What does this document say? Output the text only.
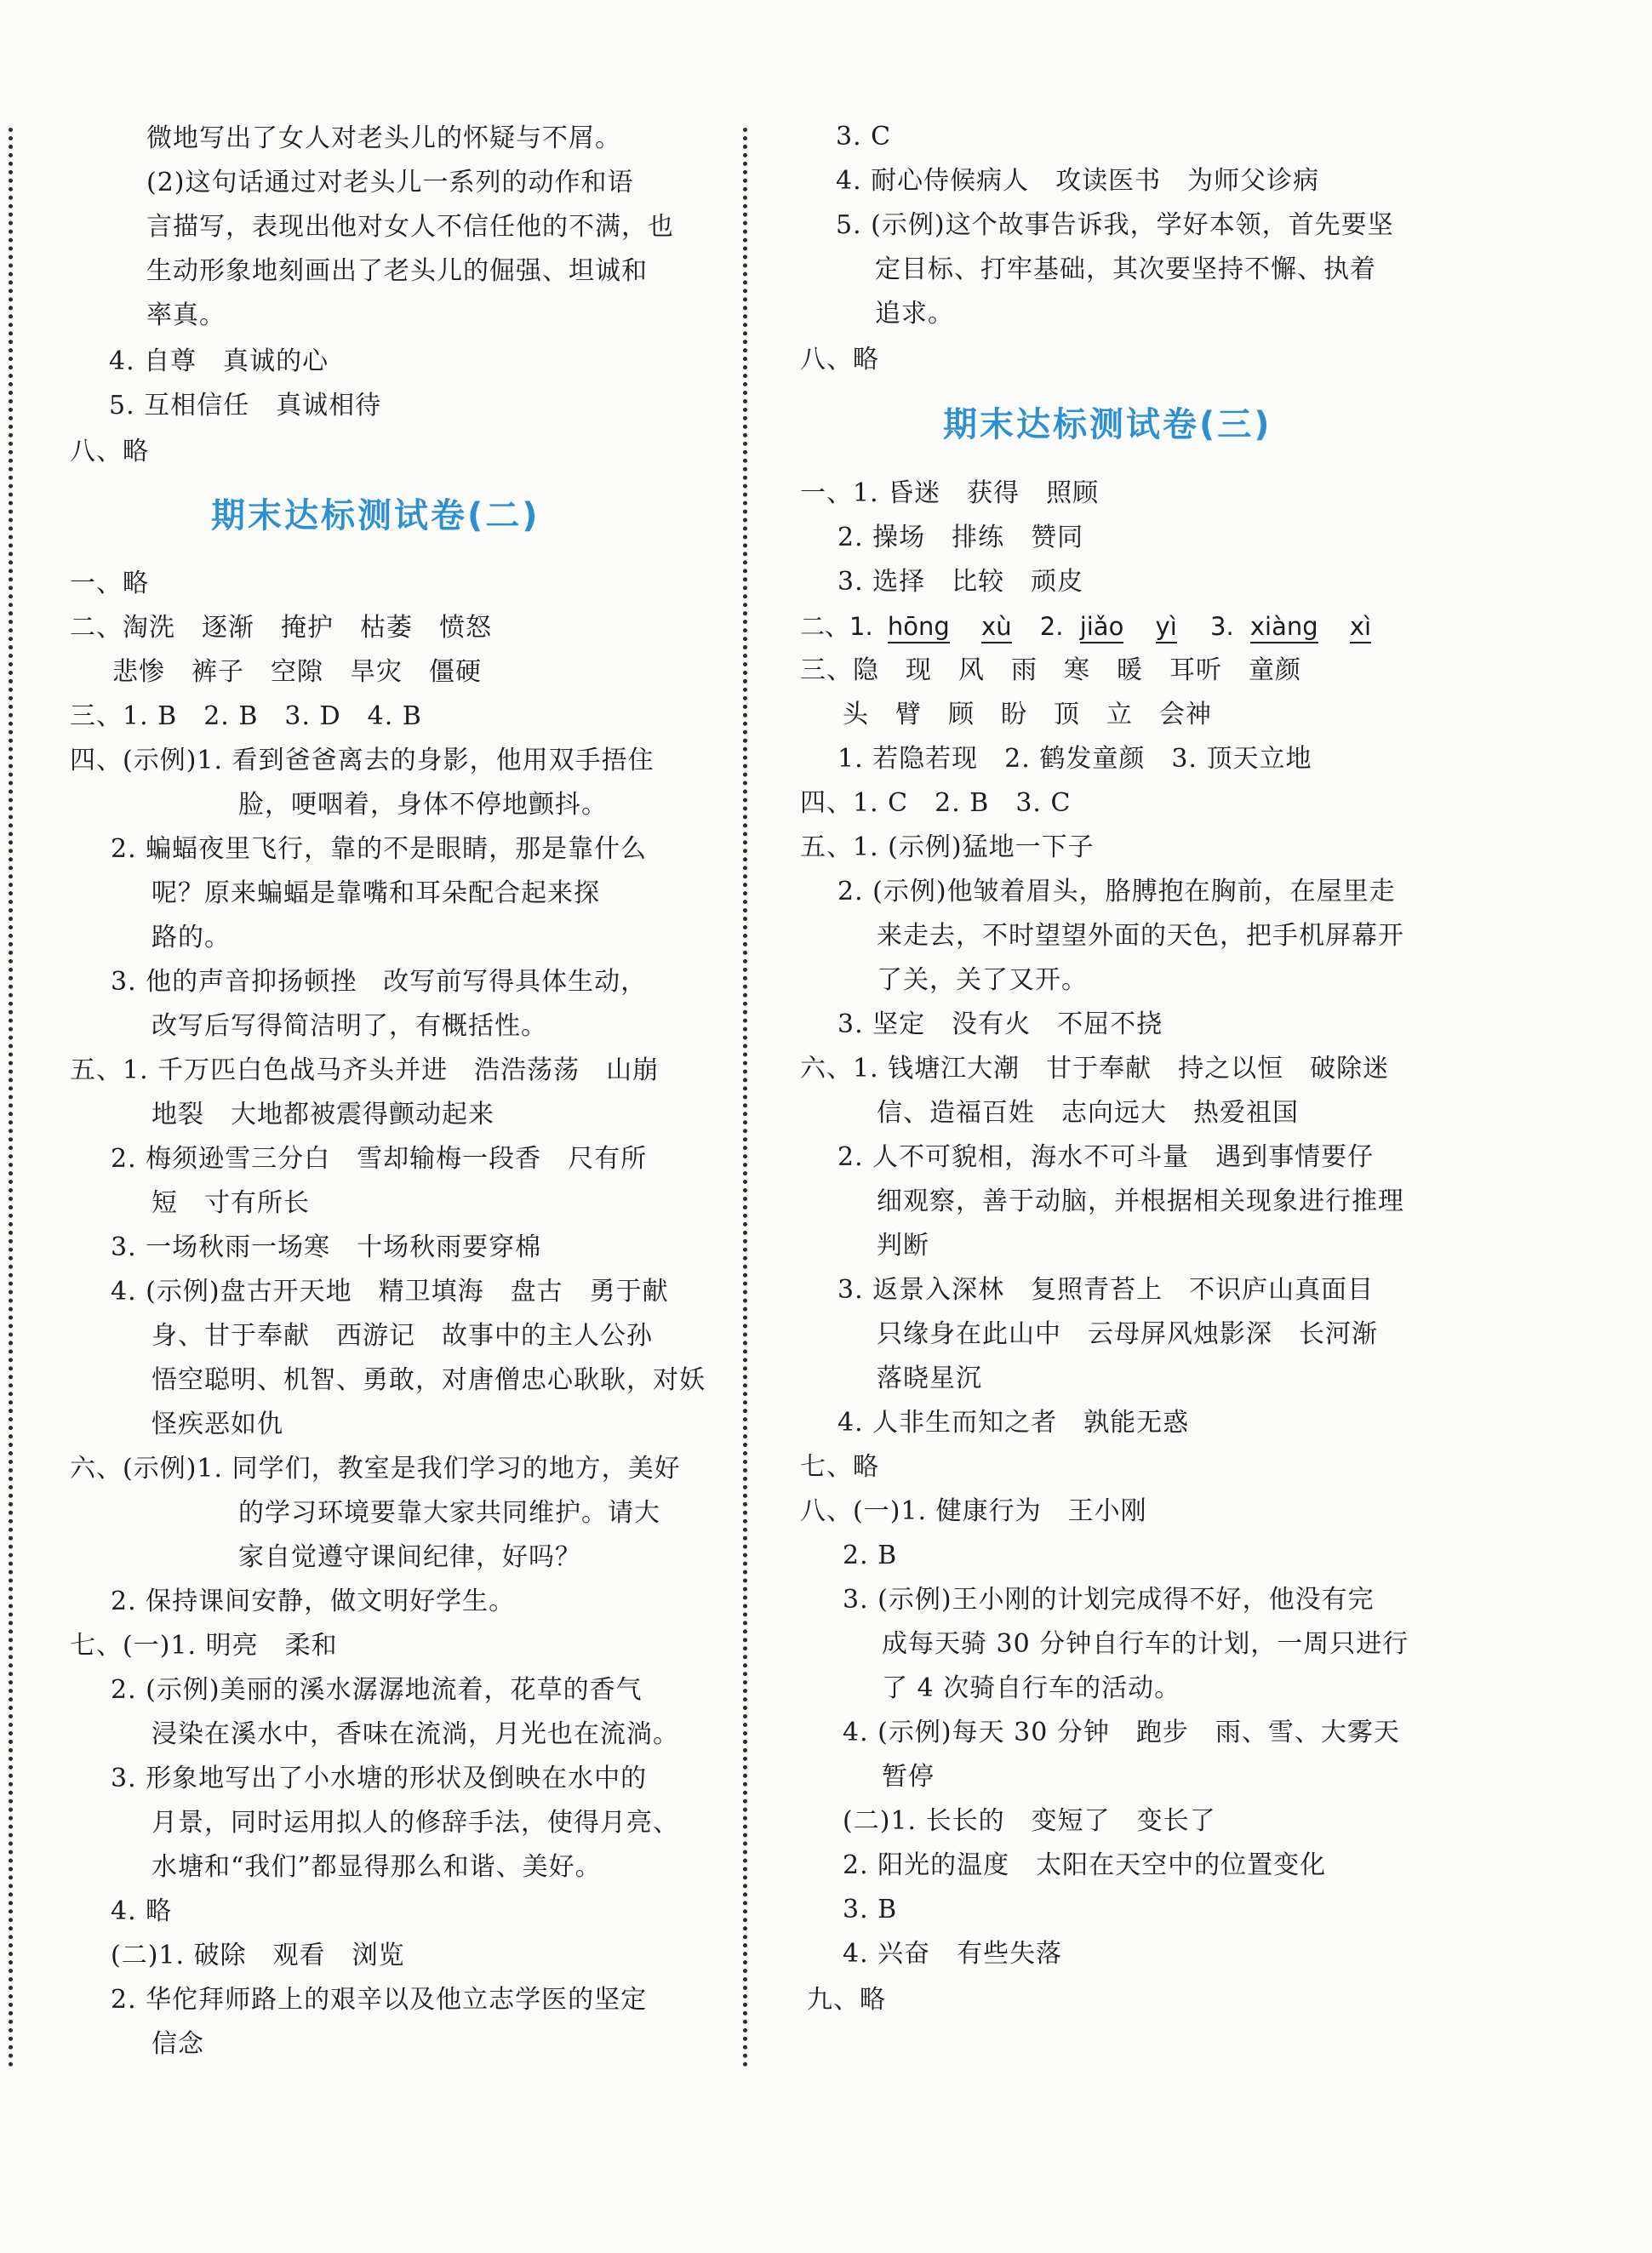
微地写出了女人对老头儿的怀疑与不屑。
(2)这句话通过对老头儿一系列的动作和语
言描写，表现出他对女人不信任他的不满，也
生动形象地刻画出了老头儿的倔强、坦诚和
率真。
4. 自尊　真诚的心
5. 互相信任　真诚相待
八、略
期末达标测试卷(二)
一、略
二、淘洗　逐渐　掩护　枯萎　愤怒
悲惨　裤子　空隙　旱灾　僵硬
三、1. B　2. B　3. D　4. B
四、(示例)1. 看到爸爸离去的身影，他用双手捂住
脸，哽咽着，身体不停地颤抖。
2. 蝙蝠夜里飞行，靠的不是眼睛，那是靠什么
呢？原来蝙蝠是靠嘴和耳朵配合起来探
路的。
3. 他的声音抑扬顿挫　改写前写得具体生动，
改写后写得简洁明了，有概括性。
五、1. 千万匹白色战马齐头并进　浩浩荡荡　山崩
地裂　大地都被震得颤动起来
2. 梅须逊雪三分白　雪却输梅一段香　尺有所
短　寸有所长
3. 一场秋雨一场寒　十场秋雨要穿棉
4. (示例)盘古开天地　精卫填海　盘古　勇于献
身、甘于奉献　西游记　故事中的主人公孙
悟空聪明、机智、勇敢，对唐僧忠心耿耿，对妖
怪疾恶如仇
六、(示例)1. 同学们，教室是我们学习的地方，美好
的学习环境要靠大家共同维护。请大
家自觉遵守课间纪律，好吗？
2. 保持课间安静，做文明好学生。
七、(一)1. 明亮　柔和
2. (示例)美丽的溪水潺潺地流着，花草的香气
浸染在溪水中，香味在流淌，月光也在流淌。
3. 形象地写出了小水塘的形状及倒映在水中的
月景，同时运用拟人的修辞手法，使得月亮、
水塘和“我们”都显得那么和谐、美好。
4. 略
(二)1. 破除　观看　浏览
2. 华佗拜师路上的艰辛以及他立志学医的坚定
信念
3. C
4. 耐心侍候病人　攻读医书　为师父诊病
5. (示例)这个故事告诉我，学好本领，首先要坚
定目标、打牢基础，其次要坚持不懈、执着
追求。
八、略
期末达标测试卷(三)
一、1. 昏迷　获得　照顾
2. 操场　排练　赞同
3. 选择　比较　顽皮
二、1. hōng xù 2. jiǎo yì 3. xiàng xì
三、隐　现　风　雨　寒　暖　耳听　童颜
头　臂　顾　盼　顶　立　会神
1. 若隐若现　2. 鹤发童颜　3. 顶天立地
四、1. C　2. B　3. C
五、1. (示例)猛地一下子
2. (示例)他皱着眉头，胳膊抱在胸前，在屋里走
来走去，不时望望外面的天色，把手机屏幕开
了关，关了又开。
3. 坚定　没有火　不屈不挠
六、1. 钱塘江大潮　甘于奉献　持之以恒　破除迷
信、造福百姓　志向远大　热爱祖国
2. 人不可貌相，海水不可斗量　遇到事情要仔
细观察，善于动脑，并根据相关现象进行推理
判断
3. 返景入深林　复照青苔上　不识庐山真面目
只缘身在此山中　云母屏风烛影深　长河渐
落晓星沉
4. 人非生而知之者　孰能无惑
七、略
八、(一)1. 健康行为　王小刚
2. B
3. (示例)王小刚的计划完成得不好，他没有完
成每天骑 30 分钟自行车的计划，一周只进行
了 4 次骑自行车的活动。
4. (示例)每天 30 分钟　跑步　雨、雪、大雾天
暂停
(二)1. 长长的　变短了　变长了
2. 阳光的温度　太阳在天空中的位置变化
3. B
4. 兴奋　有些失落
九、略
